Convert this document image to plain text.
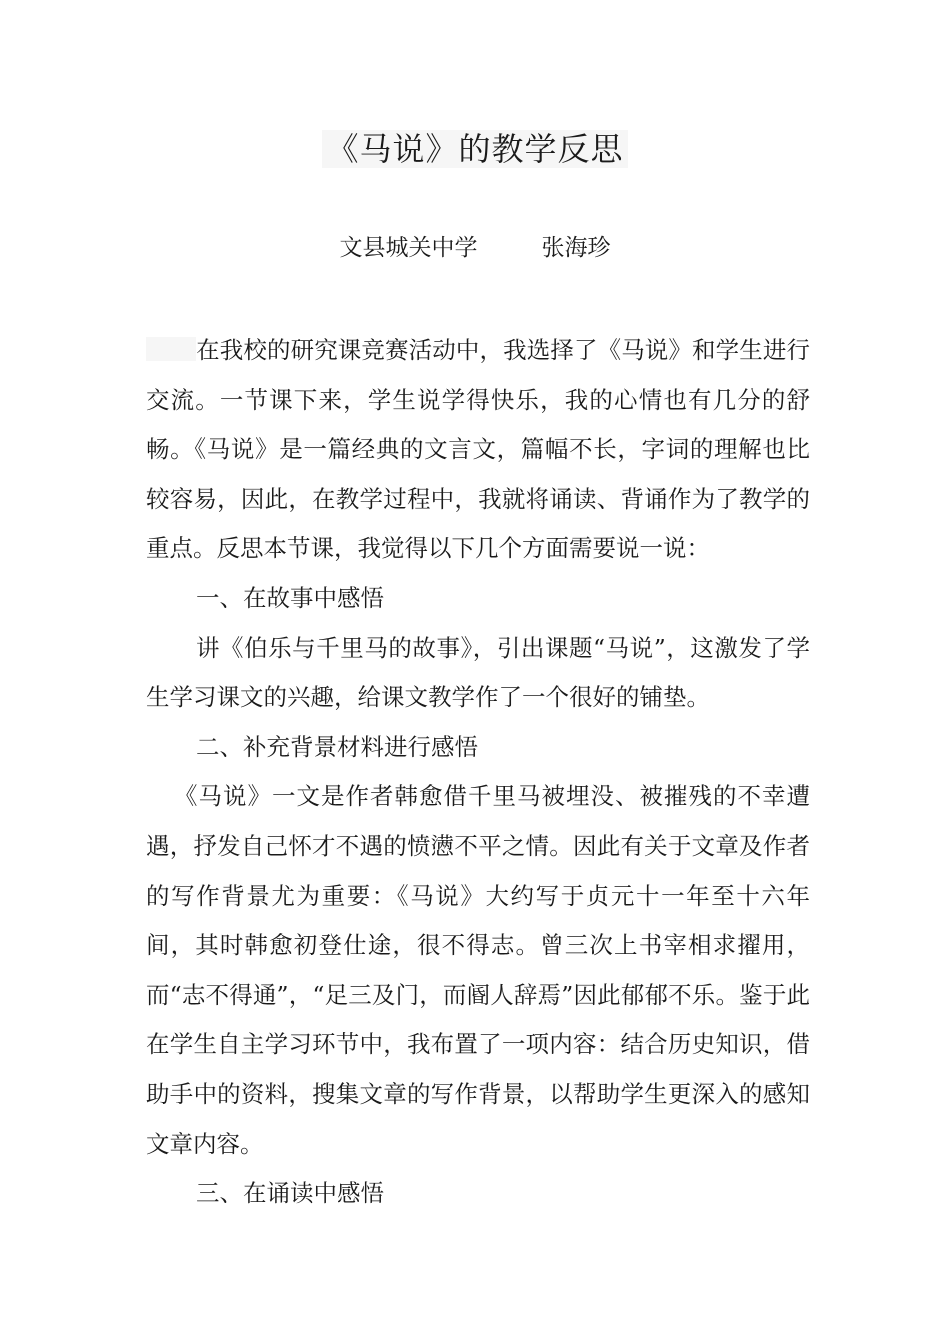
《马说》的教学反思
文县城关中学	张海珍

在我校的研究课竞赛活动中，我选择了《马说》和学生进行交流。一节课下来，学生说学得快乐，我的心情也有几分的舒畅。《马说》是一篇经典的文言文，篇幅不长，字词的理解也比较容易，因此，在教学过程中，我就将诵读、背诵作为了教学的重点。反思本节课，我觉得以下几个方面需要说一说：

一、在故事中感悟

讲《伯乐与千里马的故事》，引出课题“马说”，这激发了学生学习课文的兴趣，给课文教学作了一个很好的铺垫。

二、补充背景材料进行感悟

《马说》一文是作者韩愈借千里马被埋没、被摧残的不幸遭遇，抒发自己怀才不遇的愤懑不平之情。因此有关于文章及作者的写作背景尤为重要：《马说》大约写于贞元十一年至十六年间，其时韩愈初登仕途，很不得志。曾三次上书宰相求擢用，而“志不得通”，“足三及门，而阍人辞焉”因此郁郁不乐。鉴于此在学生自主学习环节中，我布置了一项内容：结合历史知识，借助手中的资料，搜集文章的写作背景，以帮助学生更深入的感知文章内容。

三、在诵读中感悟
